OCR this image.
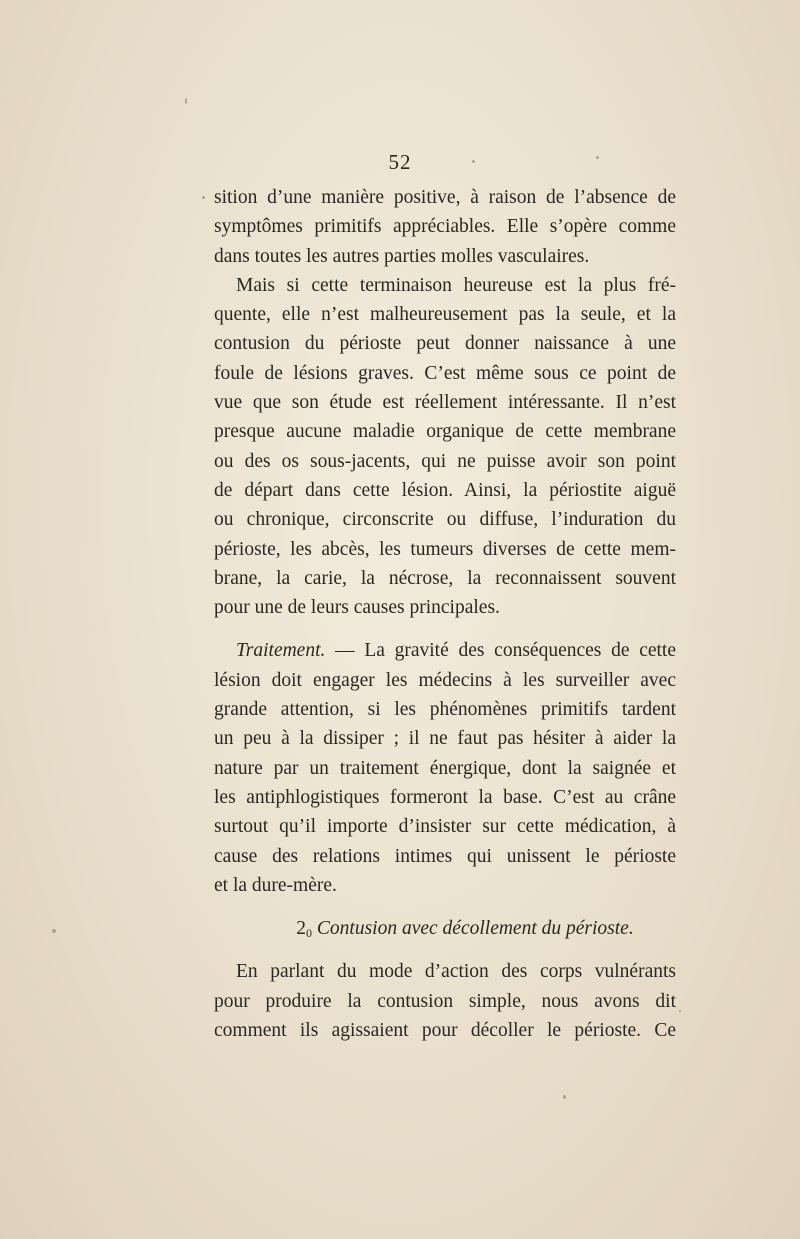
52
sition d’une manière positive, à raison de l’absence de
symptômes primitifs appréciables. Elle s’opère comme
dans toutes les autres parties molles vasculaires.
Mais si cette terminaison heureuse est la plus fré-
quente, elle n’est malheureusement pas la seule, et la
contusion du périoste peut donner naissance à une
foule de lésions graves. C’est même sous ce point de
vue que son étude est réellement intéressante. Il n’est
presque aucune maladie organique de cette membrane
ou des os sous-jacents, qui ne puisse avoir son point
de départ dans cette lésion. Ainsi, la périostite aiguë
ou chronique, circonscrite ou diffuse, l’induration du
périoste, les abcès, les tumeurs diverses de cette mem-
brane, la carie, la nécrose, la reconnaissent souvent
pour une de leurs causes principales.
Traitement. — La gravité des conséquences de cette
lésion doit engager les médecins à les surveiller avec
grande attention, si les phénomènes primitifs tardent
un peu à la dissiper ; il ne faut pas hésiter à aider la
nature par un traitement énergique, dont la saignée et
les antiphlogistiques formeront la base. C’est au crâne
surtout qu’il importe d’insister sur cette médication, à
cause des relations intimes qui unissent le périoste
et la dure-mère.
$2_0$ Contusion avec décollement du périoste.
En parlant du mode d’action des corps vulnérants
pour produire la contusion simple, nous avons dit
comment ils agissaient pour décoller le périoste. Ce
